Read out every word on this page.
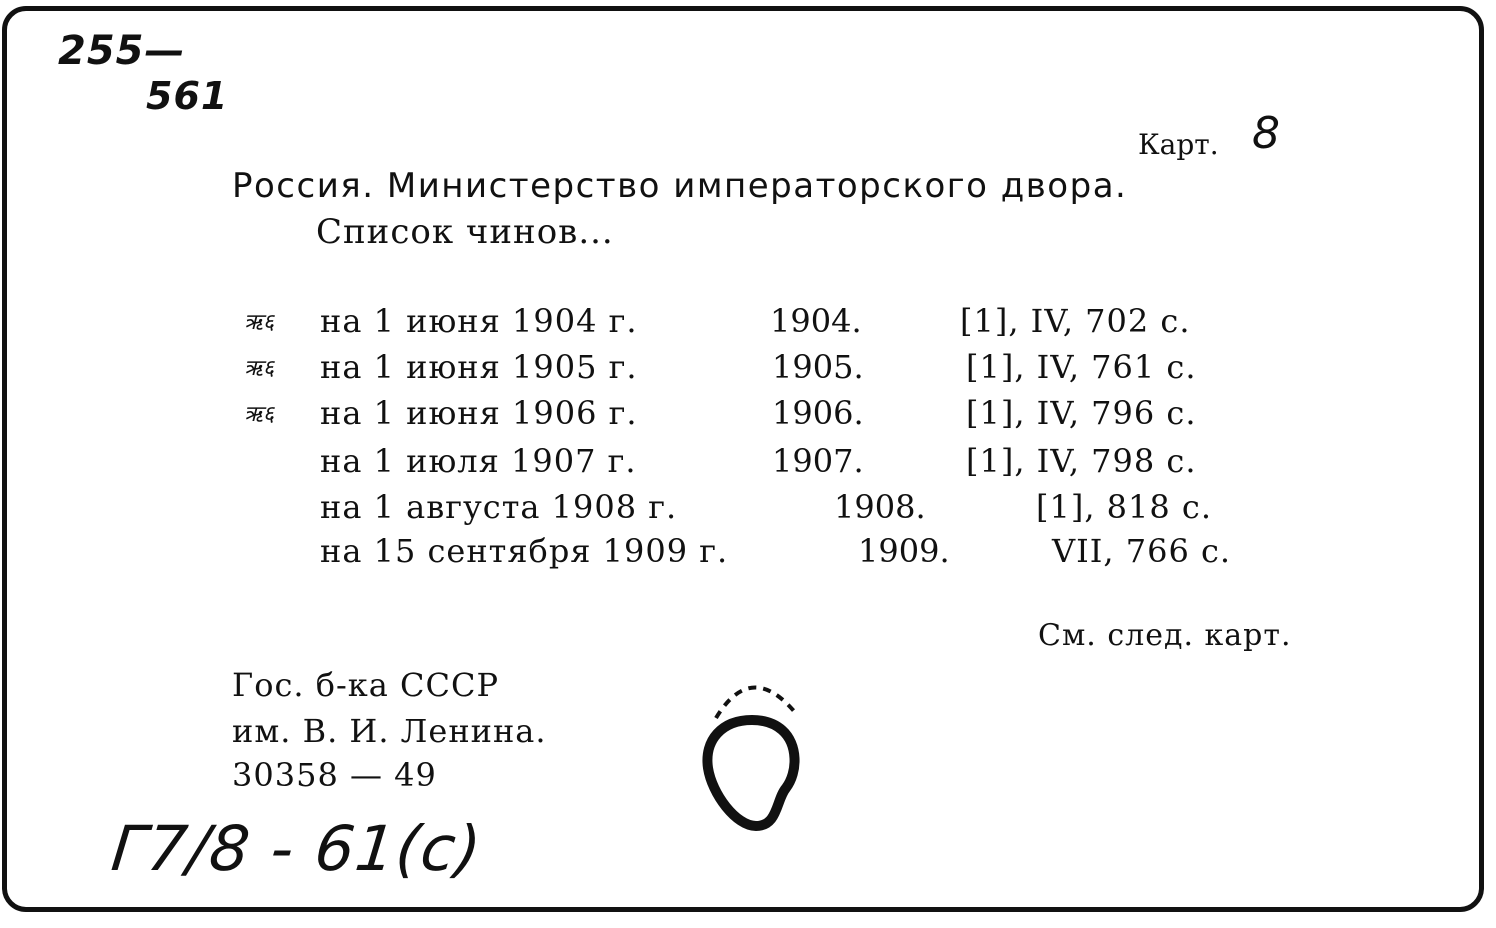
255—
561
Карт. 8
Россия. Министерство императорского двора.
Список чинов...
ऋ६ на 1 июня 1904 г.	1904.	[1], IV, 702 с.
ऋ६ на 1 июня 1905 г.	1905.	[1], IV, 761 с.
ऋ६ на 1 июня 1906 г.	1906.	[1], IV, 796 с.
на 1 июля 1907 г.	1907.	[1], IV, 798 с.
на 1 августа 1908 г.	1908.	[1], 818 с.
на 15 сентября 1909 г.	1909.	VII, 766 с.
См. след. карт.
Гос. б-ка СССР
им. В. И. Ленина.
30358 — 49
Г7/8 - 61(с)
